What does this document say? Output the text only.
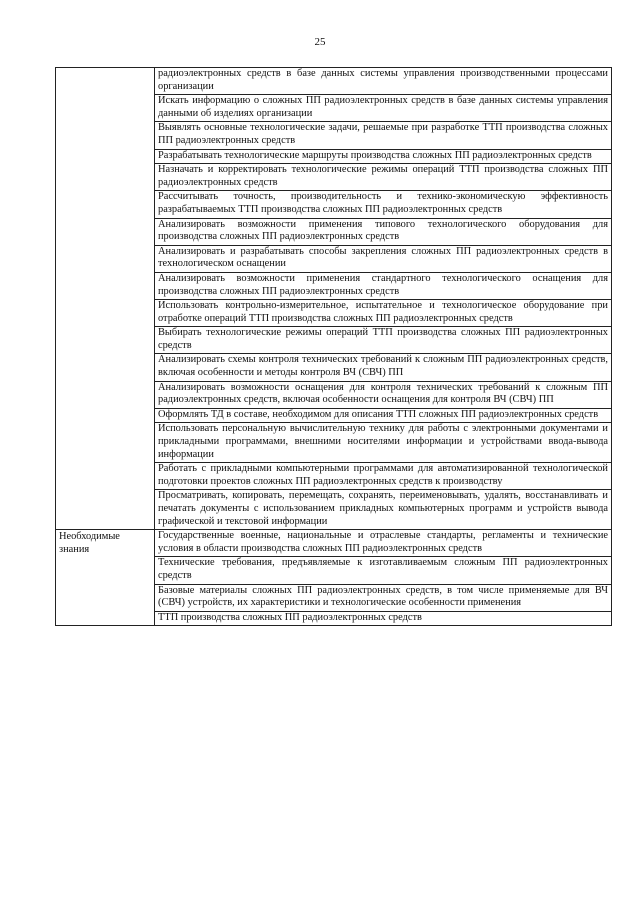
25
	радиоэлектронных средств в базе данных системы управления производственными процессами организации
	Искать информацию о сложных ПП радиоэлектронных средств в базе данных системы управления данными об изделиях организации
	Выявлять основные технологические задачи, решаемые при разработке ТТП производства сложных ПП радиоэлектронных средств
	Разрабатывать технологические маршруты производства сложных ПП радиоэлектронных средств
	Назначать и корректировать технологические режимы операций ТТП производства сложных ПП радиоэлектронных средств
	Рассчитывать точность, производительность и технико-экономическую эффективность разрабатываемых ТТП производства сложных ПП радиоэлектронных средств
	Анализировать возможности применения типового технологического оборудования для производства сложных ПП радиоэлектронных средств
	Анализировать и разрабатывать способы закрепления сложных ПП радиоэлектронных средств в технологическом оснащении
	Анализировать возможности применения стандартного технологического оснащения для производства сложных ПП радиоэлектронных средств
	Использовать контрольно-измерительное, испытательное и технологическое оборудование при отработке операций ТТП производства сложных ПП радиоэлектронных средств
	Выбирать технологические режимы операций ТТП производства сложных ПП радиоэлектронных средств
	Анализировать схемы контроля технических требований к сложным ПП радиоэлектронных средств, включая особенности и методы контроля ВЧ (СВЧ) ПП
	Анализировать возможности оснащения для контроля технических требований к сложным ПП радиоэлектронных средств, включая особенности оснащения для контроля ВЧ (СВЧ) ПП
	Оформлять ТД в составе, необходимом для описания ТТП сложных ПП радиоэлектронных средств
	Использовать персональную вычислительную технику для работы с электронными документами и прикладными программами, внешними носителями информации и устройствами ввода-вывода информации
	Работать с прикладными компьютерными программами для автоматизированной технологической подготовки проектов сложных ПП радиоэлектронных средств к производству
	Просматривать, копировать, перемещать, сохранять, переименовывать, удалять, восстанавливать и печатать документы с использованием прикладных компьютерных программ и устройств вывода графической и текстовой информации

Необходимые знания	Государственные военные, национальные и отраслевые стандарты, регламенты и технические условия в области производства сложных ПП радиоэлектронных средств
	Технические требования, предъявляемые к изготавливаемым сложным ПП радиоэлектронных средств
	Базовые материалы сложных ПП радиоэлектронных средств, в том числе применяемые для ВЧ (СВЧ) устройств, их характеристики и технологические особенности применения
	ТТП производства сложных ПП радиоэлектронных средств
